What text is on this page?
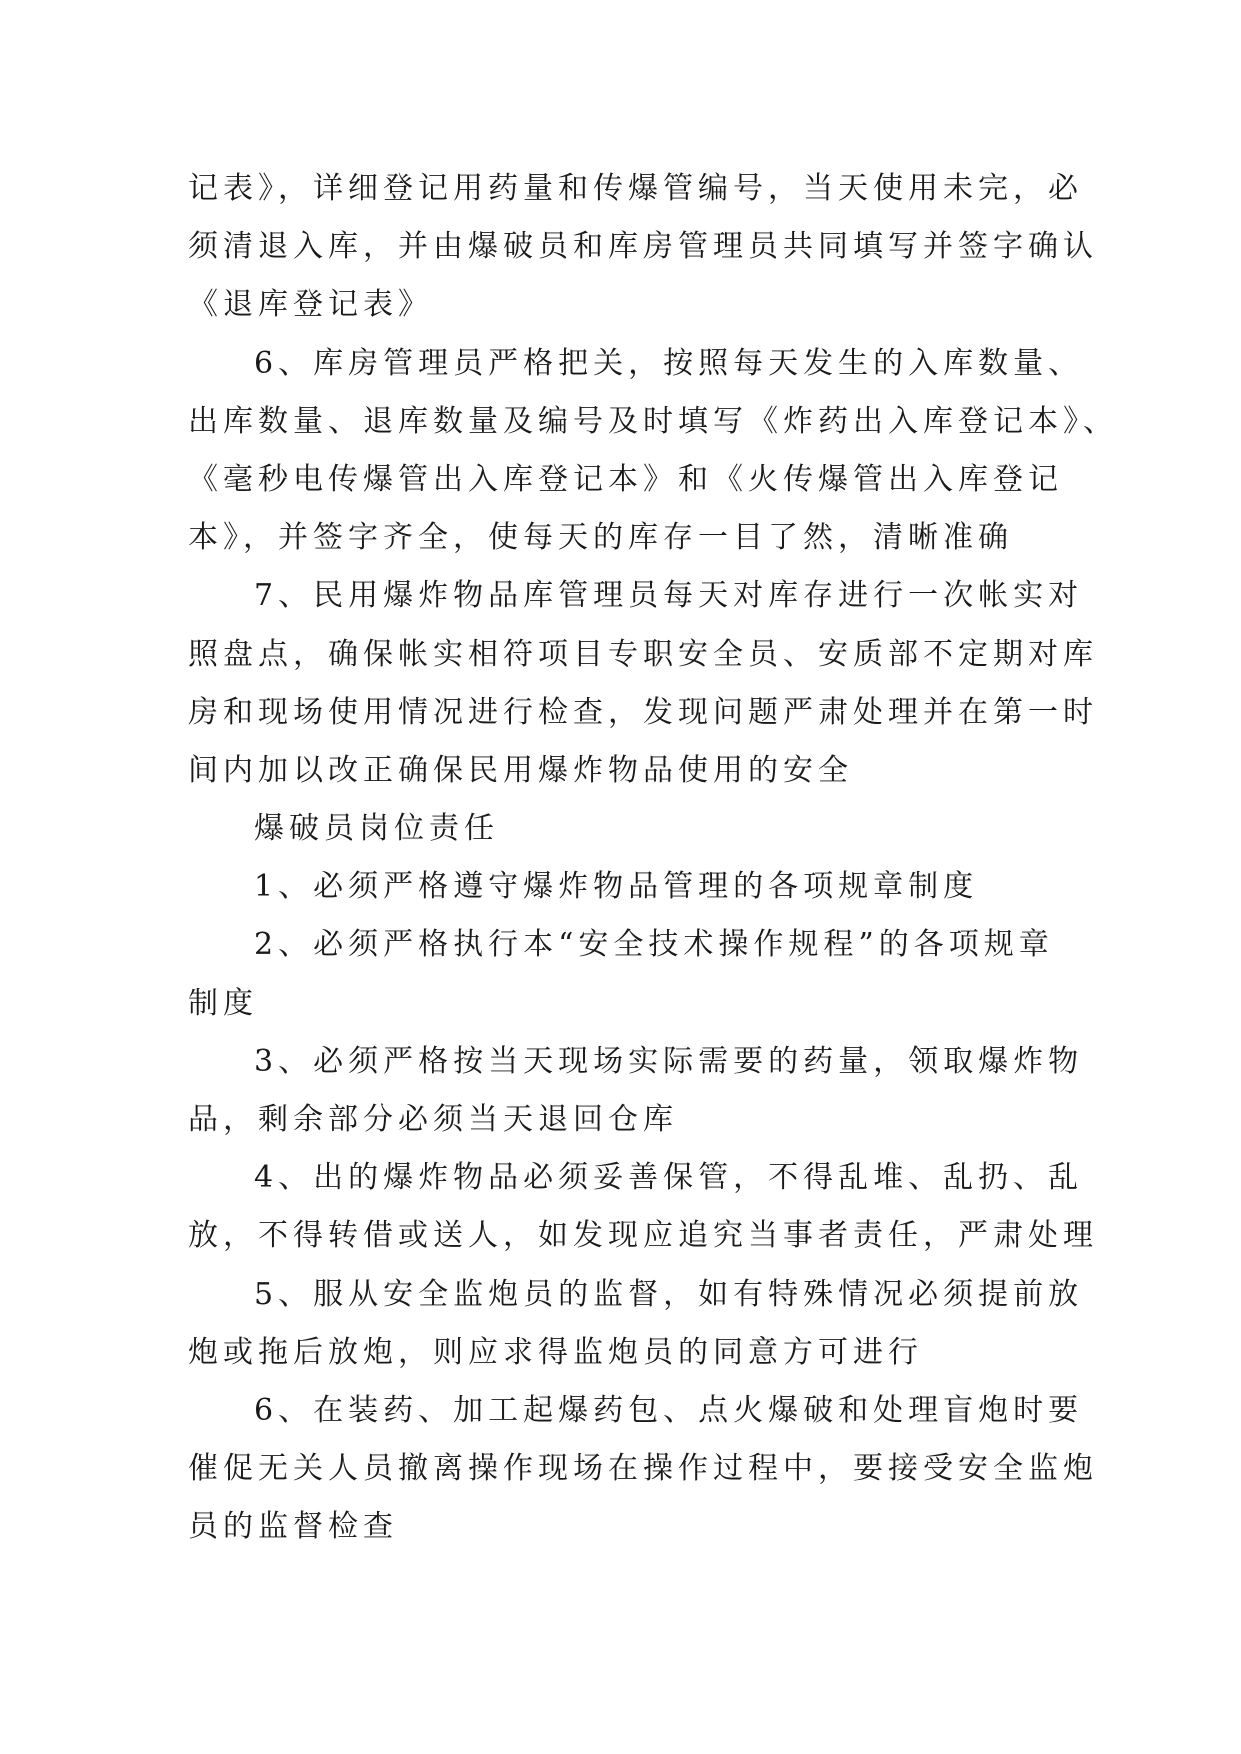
记表》，详细登记用药量和传爆管编号，当天使用未完，必
须清退入库，并由爆破员和库房管理员共同填写并签字确认
《退库登记表》
6、库房管理员严格把关，按照每天发生的入库数量、
出库数量、退库数量及编号及时填写《炸药出入库登记本》、
《毫秒电传爆管出入库登记本》和《火传爆管出入库登记
本》，并签字齐全，使每天的库存一目了然，清晰准确
7、民用爆炸物品库管理员每天对库存进行一次帐实对
照盘点，确保帐实相符项目专职安全员、安质部不定期对库
房和现场使用情况进行检查，发现问题严肃处理并在第一时
间内加以改正确保民用爆炸物品使用的安全
爆破员岗位责任
1、必须严格遵守爆炸物品管理的各项规章制度
2、必须严格执行本“安全技术操作规程”的各项规章
制度
3、必须严格按当天现场实际需要的药量，领取爆炸物
品，剩余部分必须当天退回仓库
4、出的爆炸物品必须妥善保管，不得乱堆、乱扔、乱
放，不得转借或送人，如发现应追究当事者责任，严肃处理
5、服从安全监炮员的监督，如有特殊情况必须提前放
炮或拖后放炮，则应求得监炮员的同意方可进行
6、在装药、加工起爆药包、点火爆破和处理盲炮时要
催促无关人员撤离操作现场在操作过程中，要接受安全监炮
员的监督检查
